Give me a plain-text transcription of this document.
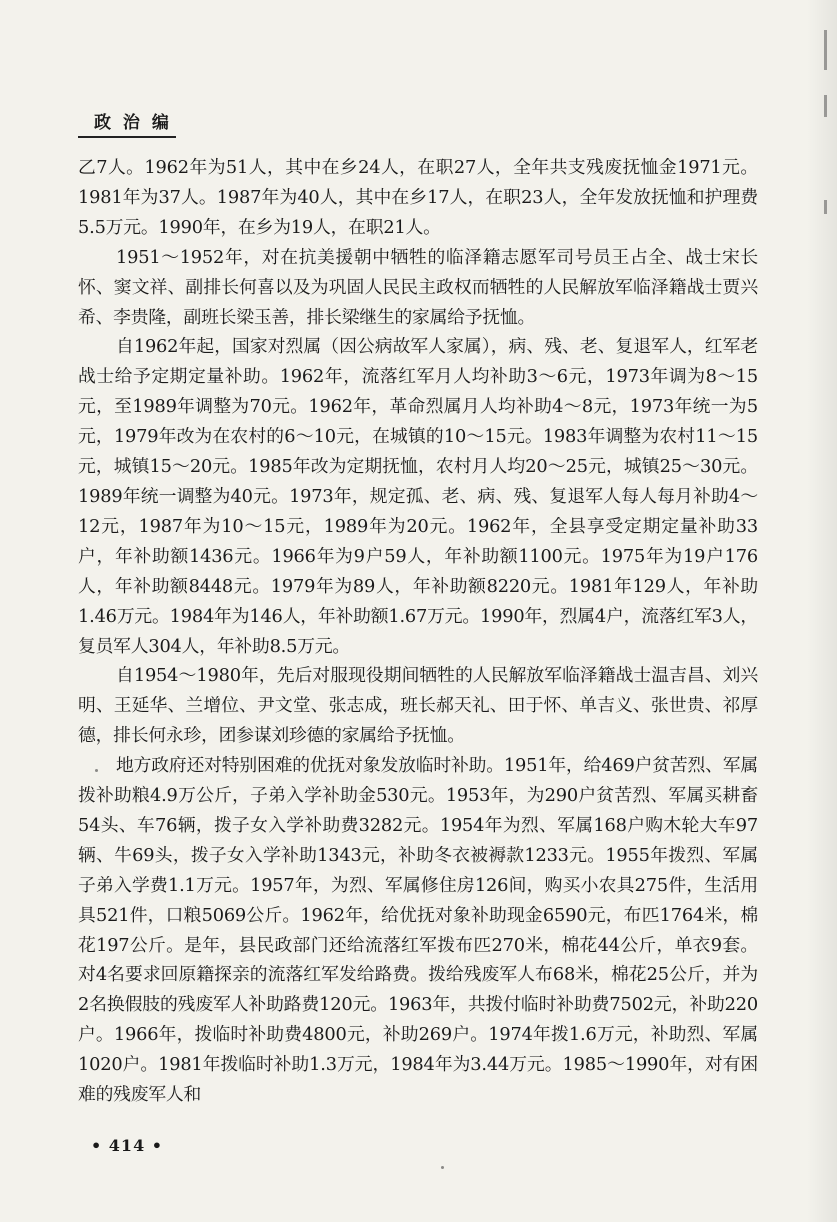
政 治 编

乙7人。1962年为51人，其中在乡24人，在职27人，全年共支残废抚恤金1971元。1981年为37人。1987年为40人，其中在乡17人，在职23人，全年发放抚恤和护理费5.5万元。1990年，在乡为19人，在职21人。

1951～1952年，对在抗美援朝中牺牲的临泽籍志愿军司号员王占全、战士宋长怀、窦文祥、副排长何喜以及为巩固人民民主政权而牺牲的人民解放军临泽籍战士贾兴希、李贵隆，副班长梁玉善，排长梁继生的家属给予抚恤。

自1962年起，国家对烈属（因公病故军人家属），病、残、老、复退军人，红军老战士给予定期定量补助。1962年，流落红军月人均补助3～6元，1973年调为8～15元，至1989年调整为70元。1962年，革命烈属月人均补助4～8元，1973年统一为5元，1979年改为在农村的6～10元，在城镇的10～15元。1983年调整为农村11～15元，城镇15～20元。1985年改为定期抚恤，农村月人均20～25元，城镇25～30元。1989年统一调整为40元。1973年，规定孤、老、病、残、复退军人每人每月补助4～12元，1987年为10～15元，1989年为20元。1962年，全县享受定期定量补助33户，年补助额1436元。1966年为9户59人，年补助额1100元。1975年为19户176人，年补助额8448元。1979年为89人，年补助额8220元。1981年129人，年补助1.46万元。1984年为146人，年补助额1.67万元。1990年，烈属4户，流落红军3人，复员军人304人，年补助8.5万元。

自1954～1980年，先后对服现役期间牺牲的人民解放军临泽籍战士温吉昌、刘兴明、王延华、兰增位、尹文堂、张志成，班长郝天礼、田于怀、单吉义、张世贵、祁厚德，排长何永珍，团参谋刘珍德的家属给予抚恤。

地方政府还对特别困难的优抚对象发放临时补助。1951年，给469户贫苦烈、军属拨补助粮4.9万公斤，子弟入学补助金530元。1953年，为290户贫苦烈、军属买耕畜54头、车76辆，拨子女入学补助费3282元。1954年为烈、军属168户购木轮大车97辆、牛69头，拨子女入学补助1343元，补助冬衣被褥款1233元。1955年拨烈、军属子弟入学费1.1万元。1957年，为烈、军属修住房126间，购买小农具275件，生活用具521件，口粮5069公斤。1962年，给优抚对象补助现金6590元，布匹1764米，棉花197公斤。是年，县民政部门还给流落红军拨布匹270米，棉花44公斤，单衣9套。对4名要求回原籍探亲的流落红军发给路费。拨给残废军人布68米，棉花25公斤，并为2名换假肢的残废军人补助路费120元。1963年，共拨付临时补助费7502元，补助220户。1966年，拨临时补助费4800元，补助269户。1974年拨1.6万元，补助烈、军属1020户。1981年拨临时补助1.3万元，1984年为3.44万元。1985～1990年，对有困难的残废军人和

• 414 •
